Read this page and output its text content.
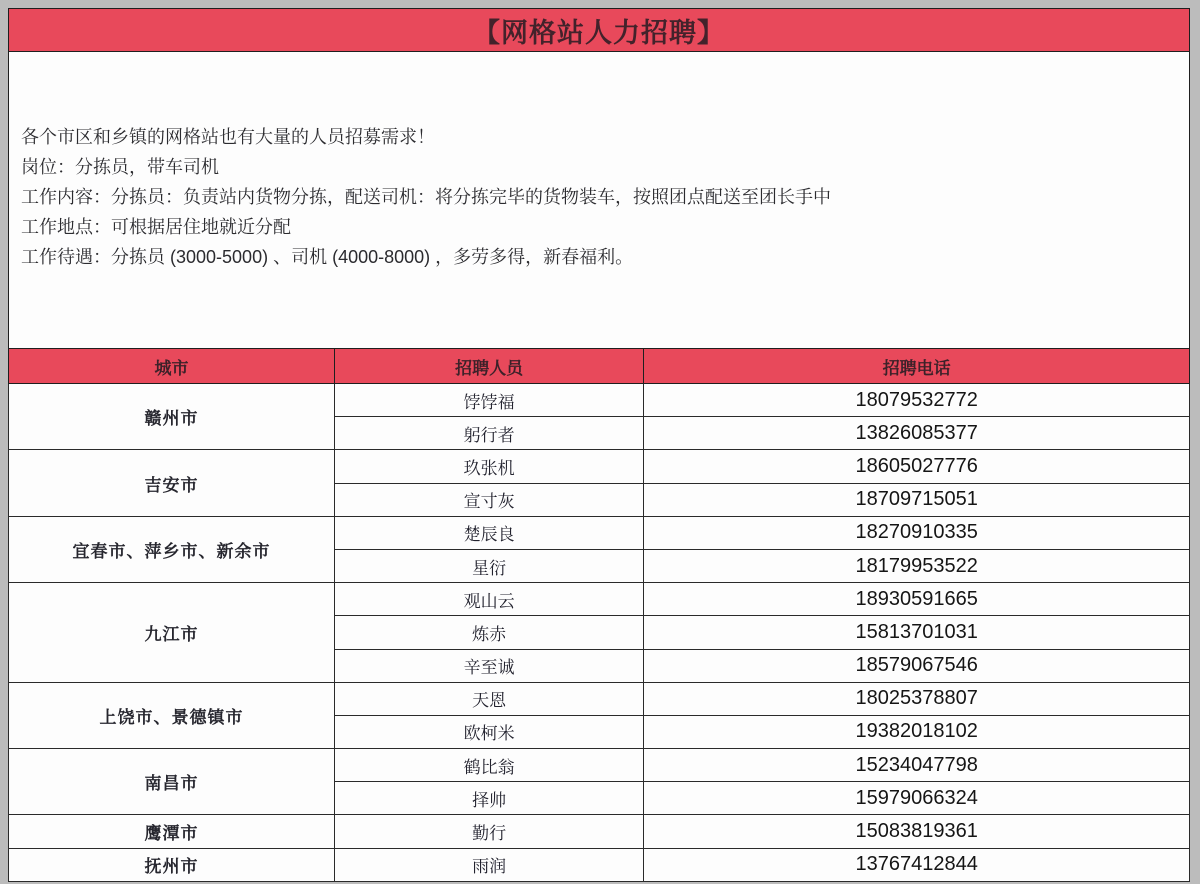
【网格站人力招聘】
各个市区和乡镇的网格站也有大量的人员招募需求！
岗位：分拣员，带车司机
工作内容：分拣员：负责站内货物分拣，配送司机：将分拣完毕的货物装车，按照团点配送至团长手中
工作地点：可根据居住地就近分配
工作待遇：分拣员 (3000-5000) 、司机 (4000-8000) ，多劳多得，新春福利。
城市	招聘人员	招聘电话
赣州市	饽饽福	18079532772
	躬行者	13826085377
吉安市	玖张机	18605027776
	宣寸灰	18709715051
宜春市、萍乡市、新余市	楚辰良	18270910335
	星衍	18179953522
九江市	观山云	18930591665
	炼赤	15813701031
	辛至诚	18579067546
上饶市、景德镇市	天恩	18025378807
	欧柯米	19382018102
南昌市	鹤比翁	15234047798
	择帅	15979066324
鹰潭市	勤行	15083819361
抚州市	雨润	13767412844
